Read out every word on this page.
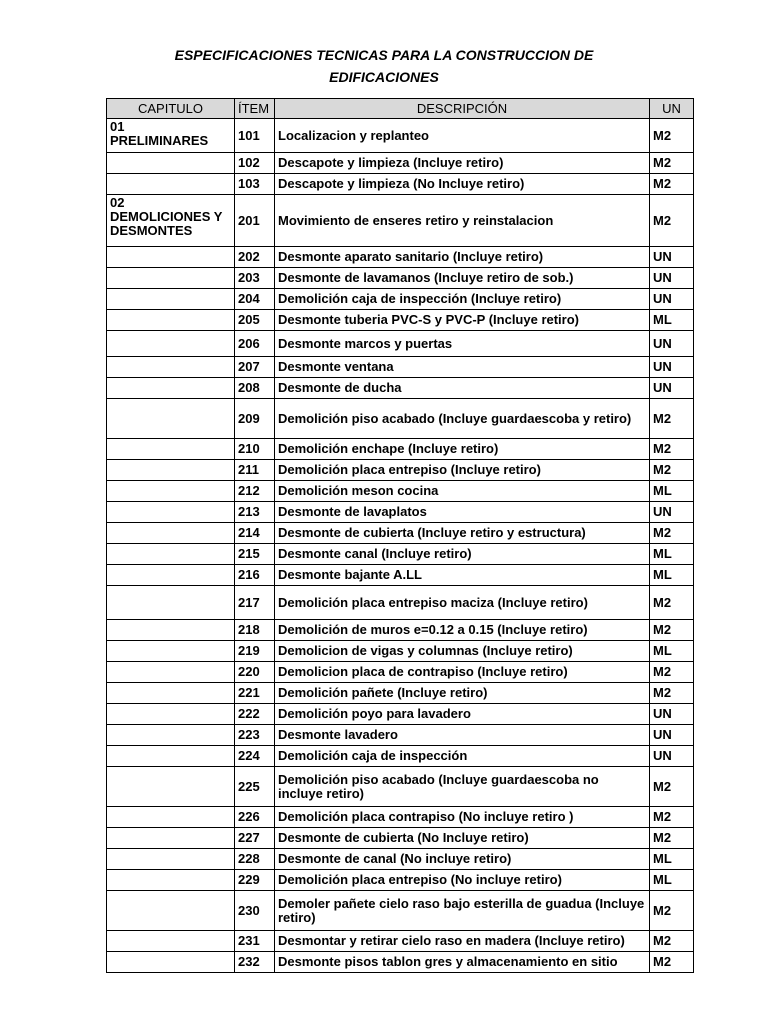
ESPECIFICACIONES TECNICAS PARA LA CONSTRUCCION DE
EDIFICACIONES
CAPITULO	ÍTEM	DESCRIPCIÓN	UN
01
PRELIMINARES	101	Localizacion y replanteo	M2
	102	Descapote y limpieza (Incluye retiro)	M2
	103	Descapote y limpieza (No Incluye retiro)	M2
02
DEMOLICIONES Y
DESMONTES	201	Movimiento de enseres retiro y reinstalacion	M2
	202	Desmonte aparato sanitario (Incluye retiro)	UN
	203	Desmonte de lavamanos (Incluye retiro de sob.)	UN
	204	Demolición caja de inspección (Incluye retiro)	UN
	205	Desmonte tuberia PVC-S y PVC-P (Incluye retiro)	ML
	206	Desmonte marcos y puertas	UN
	207	Desmonte ventana	UN
	208	Desmonte de ducha	UN
	209	Demolición piso acabado (Incluye guardaescoba y retiro)	M2
	210	Demolición enchape (Incluye retiro)	M2
	211	Demolición placa entrepiso (Incluye retiro)	M2
	212	Demolición meson cocina	ML
	213	Desmonte de lavaplatos	UN
	214	Desmonte de cubierta (Incluye retiro y estructura)	M2
	215	Desmonte canal (Incluye retiro)	ML
	216	Desmonte bajante A.LL	ML
	217	Demolición placa entrepiso maciza (Incluye retiro)	M2
	218	Demolición de muros e=0.12 a 0.15 (Incluye retiro)	M2
	219	Demolicion de vigas y columnas (Incluye retiro)	ML
	220	Demolicion placa de contrapiso (Incluye retiro)	M2
	221	Demolición pañete (Incluye retiro)	M2
	222	Demolición poyo para lavadero	UN
	223	Desmonte lavadero	UN
	224	Demolición caja de inspección	UN
	225	Demolición piso acabado (Incluye guardaescoba no incluye retiro)	M2
	226	Demolición placa contrapiso (No incluye retiro )	M2
	227	Desmonte de cubierta (No Incluye retiro)	M2
	228	Desmonte de canal (No incluye retiro)	ML
	229	Demolición placa entrepiso (No incluye retiro)	ML
	230	Demoler pañete cielo raso bajo esterilla de guadua (Incluye retiro)	M2
	231	Desmontar y retirar cielo raso en madera (Incluye retiro)	M2
	232	Desmonte pisos tablon gres y almacenamiento en sitio	M2
